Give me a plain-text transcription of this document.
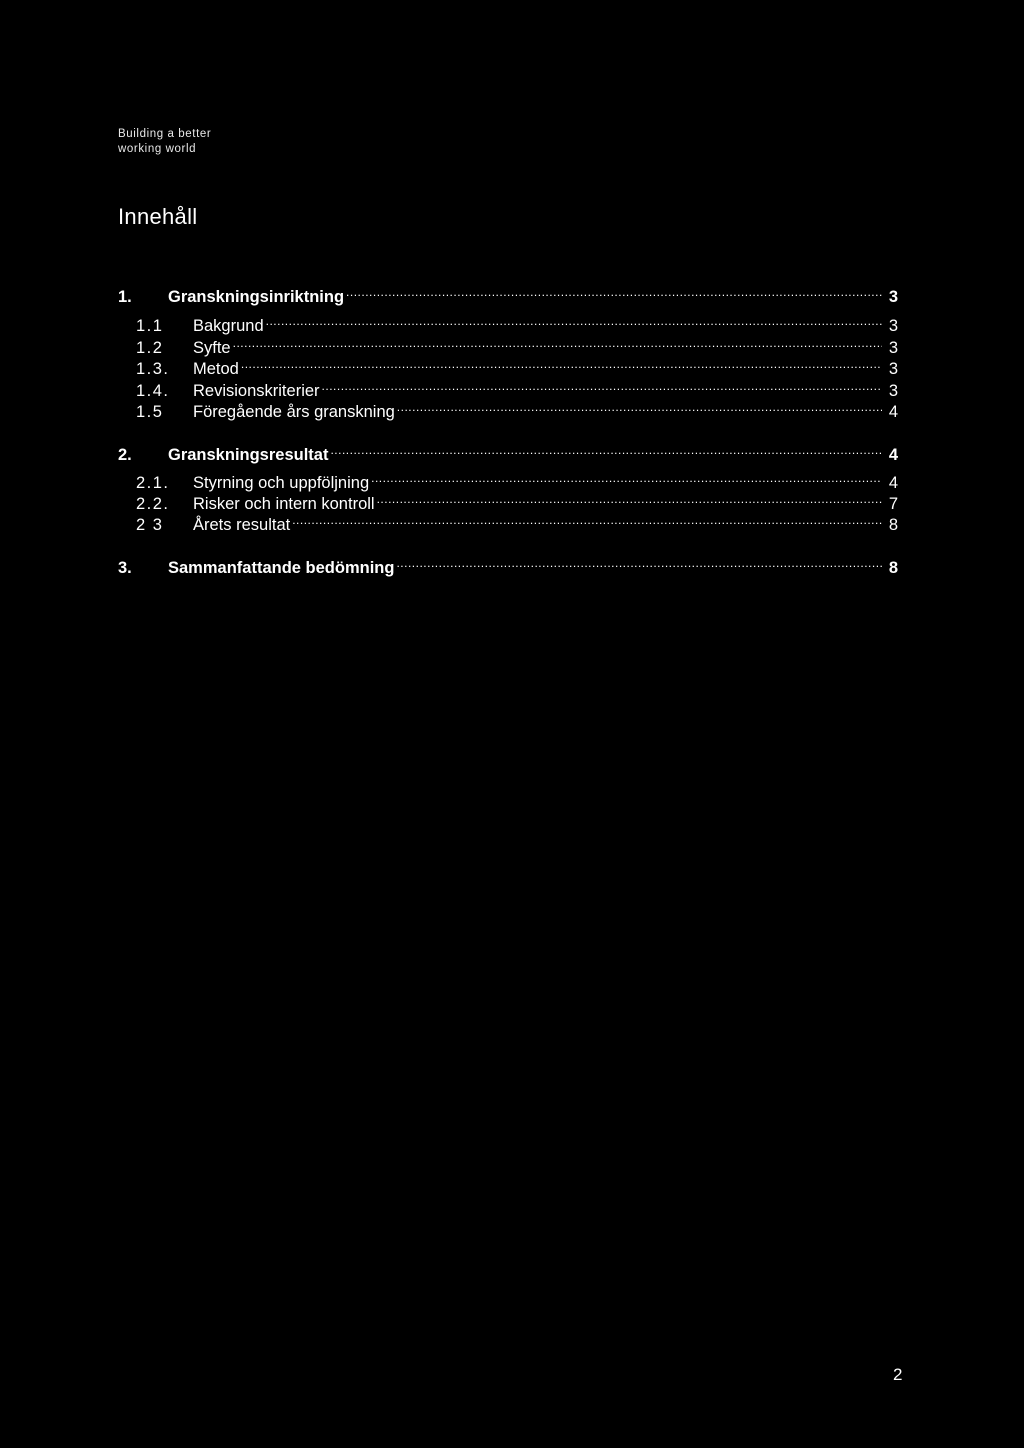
Building a better
working world
Innehåll
1.	Granskningsinriktning .....	3
1.1	Bakgrund .....	3
1.2	Syfte .....	3
1.3.	Metod .....	3
1.4.	Revisionskriterier .....	3
1.5	Föregående års granskning .....	4
2.	Granskningsresultat .....	4
2.1.	Styrning och uppföljning .....	4
2.2.	Risker och intern kontroll .....	7
2 3	Årets resultat .....	8
3.	Sammanfattande bedömning .....	8
2
